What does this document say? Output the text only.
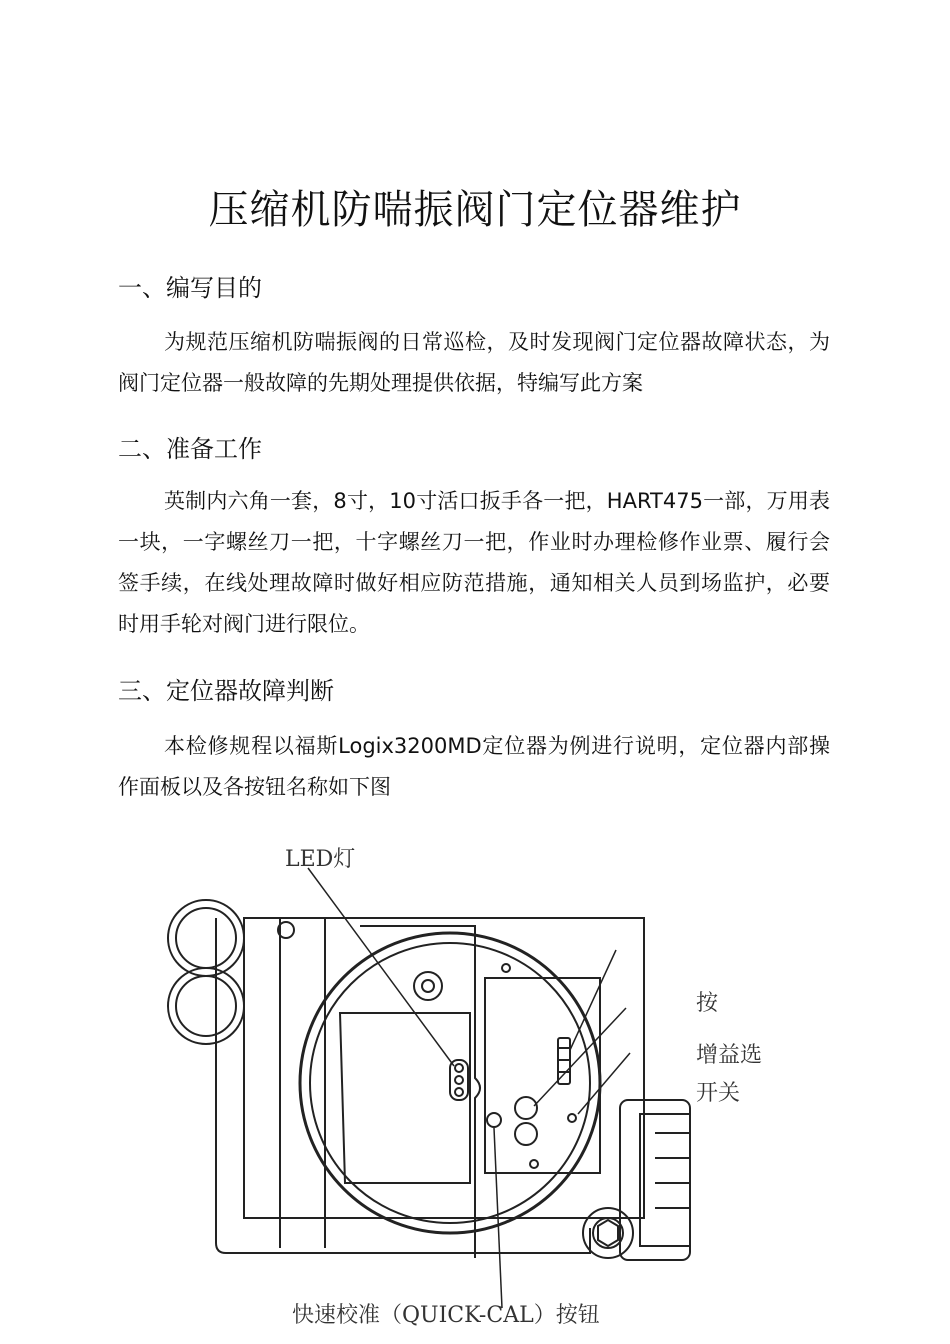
压缩机防喘振阀门定位器维护
一、编写目的

为规范压缩机防喘振阀的日常巡检，及时发现阀门定位器故障状态，为阀门定位器一般故障的先期处理提供依据，特编写此方案

二、准备工作

英制内六角一套，8寸，10寸活口扳手各一把，HART475一部，万用表一块，一字螺丝刀一把，十字螺丝刀一把，作业时办理检修作业票、履行会签手续，在线处理故障时做好相应防范措施，通知相关人员到场监护，必要时用手轮对阀门进行限位。

三、定位器故障判断

本检修规程以福斯Logix3200MD定位器为例进行说明，定位器内部操作面板以及各按钮名称如下图

LED灯
按
增益选
开关
快速校准（QUICK-CAL）按钮
